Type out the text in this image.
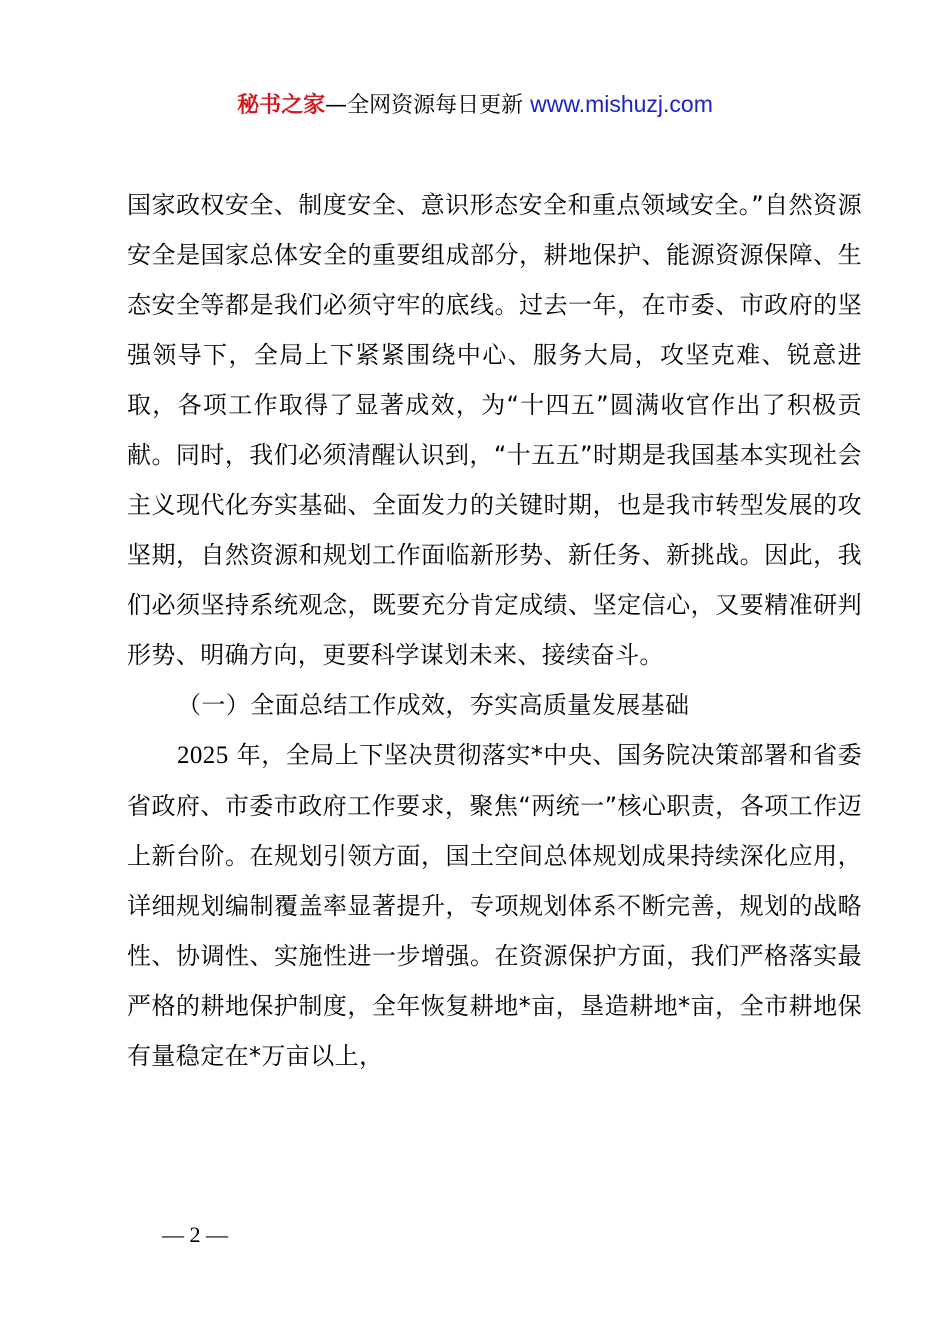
秘书之家—全网资源每日更新 www.mishuzj.com

国家政权安全、制度安全、意识形态安全和重点领域安全。”自然资源安全是国家总体安全的重要组成部分，耕地保护、能源资源保障、生态安全等都是我们必须守牢的底线。过去一年，在市委、市政府的坚强领导下，全局上下紧紧围绕中心、服务大局，攻坚克难、锐意进取，各项工作取得了显著成效，为“十四五”圆满收官作出了积极贡献。同时，我们必须清醒认识到，“十五五”时期是我国基本实现社会主义现代化夯实基础、全面发力的关键时期，也是我市转型发展的攻坚期，自然资源和规划工作面临新形势、新任务、新挑战。因此，我们必须坚持系统观念，既要充分肯定成绩、坚定信心，又要精准研判形势、明确方向，更要科学谋划未来、接续奋斗。

（一）全面总结工作成效，夯实高质量发展基础

2025 年，全局上下坚决贯彻落实*中央、国务院决策部署和省委省政府、市委市政府工作要求，聚焦“两统一”核心职责，各项工作迈上新台阶。在规划引领方面，国土空间总体规划成果持续深化应用，详细规划编制覆盖率显著提升，专项规划体系不断完善，规划的战略性、协调性、实施性进一步增强。在资源保护方面，我们严格落实最严格的耕地保护制度，全年恢复耕地*亩，垦造耕地*亩，全市耕地保有量稳定在*万亩以上，

— 2 —
